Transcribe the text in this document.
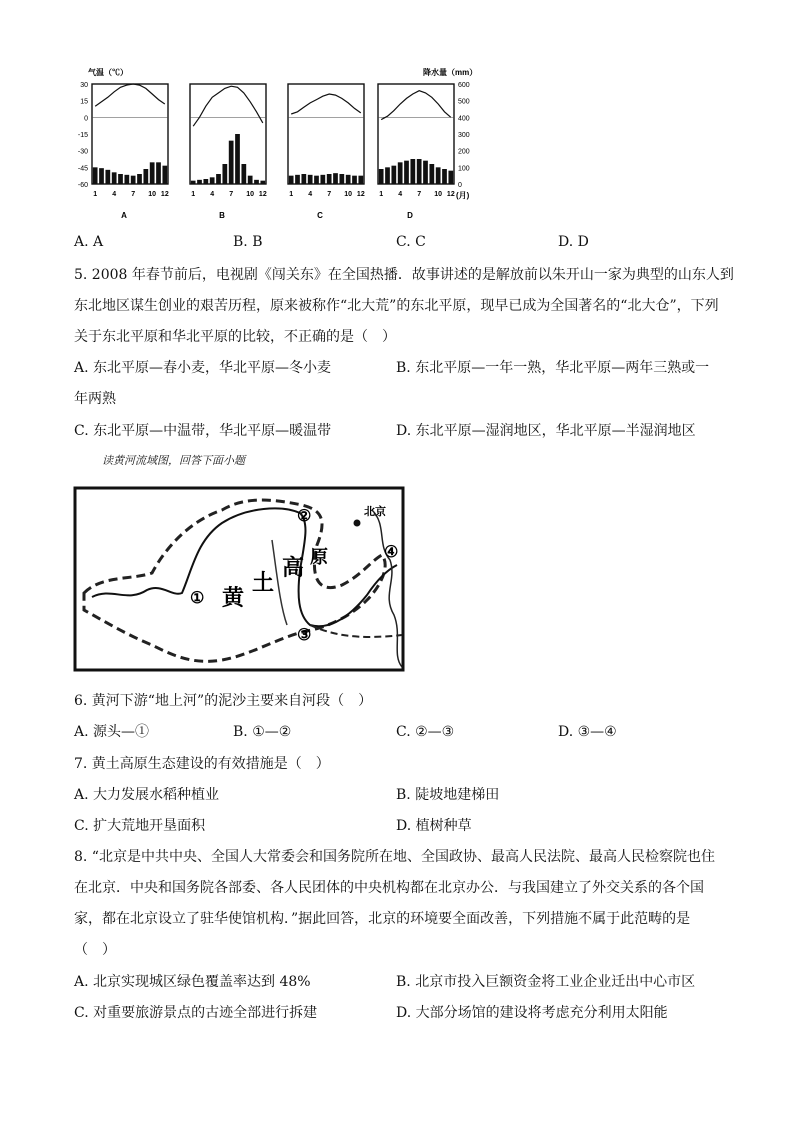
气温（℃）	降水量（mm）
30
15
0
-15
-30
-45
-60
600
500
400
300
200
100
0
1 4 7 10 12
A
1 4 7 10 12
B
1 4 7 10 12
C
1 4 7 10 12
D
(月)
A. A	B. B	C. C	D. D
5. 2008 年春节前后，电视剧《闯关东》在全国热播．故事讲述的是解放前以朱开山一家为典型的山东人到
东北地区谋生创业的艰苦历程，原来被称作“北大荒”的东北平原，现早已成为全国著名的“北大仓”，下列
关于东北平原和华北平原的比较，不正确的是（　）
A. 东北平原—春小麦，华北平原—冬小麦	B. 东北平原—一年一熟，华北平原—两年三熟或一
年两熟
C. 东北平原—中温带，华北平原—暖温带	D. 东北平原—湿润地区，华北平原—半湿润地区
读黄河流域图，回答下面小题
黄
土
高 原
北京
①
②
③
④
6. 黄河下游“地上河”的泥沙主要来自河段（　）
A. 源头—①	B. ①—②	C. ②—③	D. ③—④
7. 黄土高原生态建设的有效措施是（　）
A. 大力发展水稻种植业	B. 陡坡地建梯田
C. 扩大荒地开垦面积	D. 植树种草
8. “北京是中共中央、全国人大常委会和国务院所在地、全国政协、最高人民法院、最高人民检察院也住
在北京．中央和国务院各部委、各人民团体的中央机构都在北京办公．与我国建立了外交关系的各个国
家，都在北京设立了驻华使馆机构．”据此回答，北京的环境要全面改善，下列措施不属于此范畴的是
（　）
A. 北京实现城区绿色覆盖率达到 48%	B. 北京市投入巨额资金将工业企业迁出中心市区
C. 对重要旅游景点的古迹全部进行拆建	D. 大部分场馆的建设将考虑充分利用太阳能
